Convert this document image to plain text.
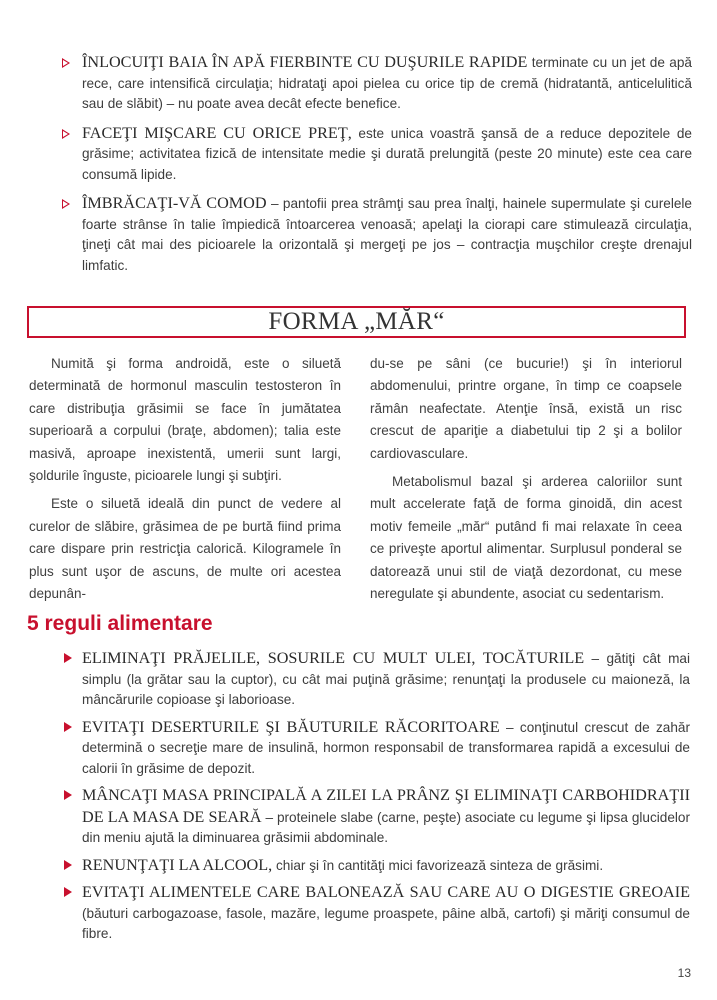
ÎNLOCUIŢI BAIA ÎN APĂ FIERBINTE CU DUŞURILE RAPIDE terminate cu un jet de apă rece, care intensifică circulaţia; hidrataţi apoi pielea cu orice tip de cremă (hidratantă, anticelulitică sau de slăbit) – nu poate avea decât efecte benefice.
FACEŢI MIŞCARE CU ORICE PREŢ, este unica voastră şansă de a reduce depozitele de grăsime; activitatea fizică de intensitate medie şi durată prelungită (peste 20 minute) este cea care consumă lipide.
ÎMBRĂCAŢI-VĂ COMOD – pantofii prea strâmţi sau prea înalţi, hainele supermulate şi curelele foarte strânse în talie împiedică întoarcerea venoasă; apelaţi la ciorapi care stimulează circulaţia, ţineţi cât mai des picioarele la orizontală şi mergeţi pe jos – contracţia muşchilor creşte drenajul limfatic.
FORMA „MĂR“

Numită şi forma androidă, este o siluetă determinată de hormonul masculin testosteron în care distribuţia grăsimii se face în jumătatea superioară a corpului (braţe, abdomen); talia este masivă, aproape inexistentă, umerii sunt largi, şoldurile înguste, picioarele lungi şi subţiri.

Este o siluetă ideală din punct de vedere al curelor de slăbire, grăsimea de pe burtă fiind prima care dispare prin restricţia calorică. Kilogramele în plus sunt uşor de ascuns, de multe ori acestea depunân-

du-se pe sâni (ce bucurie!) şi în interiorul abdomenului, printre organe, în timp ce coapsele rămân neafectate. Atenţie însă, există un risc crescut de apariţie a diabetului tip 2 şi a bolilor cardiovasculare.

Metabolismul bazal şi arderea caloriilor sunt mult accelerate faţă de forma ginoidă, din acest motiv femeile „măr“ putând fi mai relaxate în ceea ce priveşte aportul alimentar. Surplusul ponderal se datorează unui stil de viaţă dezordonat, cu mese neregulate şi abundente, asociat cu sedentarism.

5 reguli alimentare
ELIMINAŢI PRĂJELILE, SOSURILE CU MULT ULEI, TOCĂTURILE – gătiţi cât mai simplu (la grătar sau la cuptor), cu cât mai puţină grăsime; renunţaţi la produsele cu maioneză, la mâncărurile copioase şi laborioase.
EVITAŢI DESERTURILE ŞI BĂUTURILE RĂCORITOARE – conţinutul crescut de zahăr determină o secreţie mare de insulină, hormon responsabil de transformarea rapidă a excesului de calorii în grăsime de depozit.
MÂNCAŢI MASA PRINCIPALĂ A ZILEI LA PRÂNZ ŞI ELIMINAŢI CARBOHIDRAŢII DE LA MASA DE SEARĂ – proteinele slabe (carne, peşte) asociate cu legume şi lipsa glucidelor din meniu ajută la diminuarea grăsimii abdominale.
RENUNŢAŢI LA ALCOOL, chiar şi în cantităţi mici favorizează sinteza de grăsimi.
EVITAŢI ALIMENTELE CARE BALONEAZĂ SAU CARE AU O DIGESTIE GREOAIE (băuturi carbogazoase, fasole, mazăre, legume proaspete, pâine albă, cartofi) şi măriţi consumul de fibre.
13
